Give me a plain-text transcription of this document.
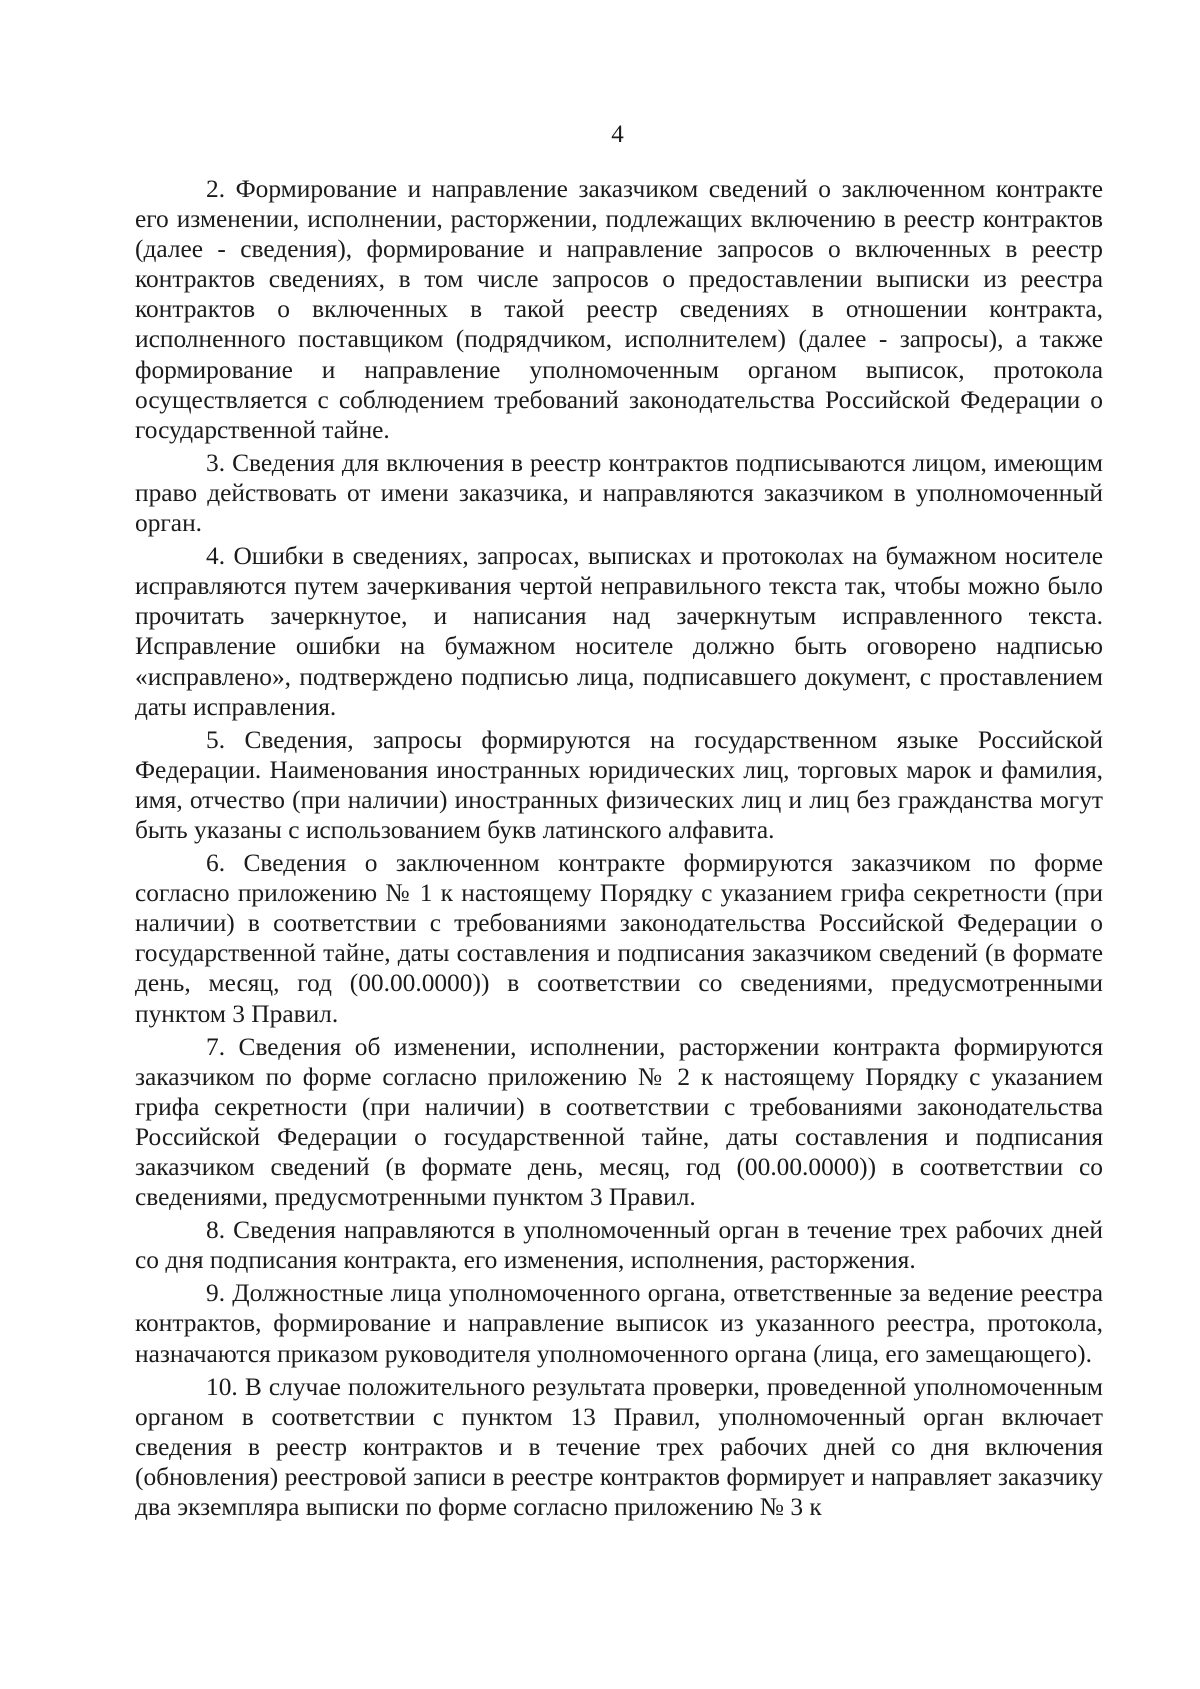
4

2. Формирование и направление заказчиком сведений о заключенном контракте его изменении, исполнении, расторжении, подлежащих включению в реестр контрактов (далее - сведения), формирование и направление запросов о включенных в реестр контрактов сведениях, в том числе запросов о предоставлении выписки из реестра контрактов о включенных в такой реестр сведениях в отношении контракта, исполненного поставщиком (подрядчиком, исполнителем) (далее - запросы), а также формирование и направление уполномоченным органом выписок, протокола осуществляется с соблюдением требований законодательства Российской Федерации о государственной тайне.

3. Сведения для включения в реестр контрактов подписываются лицом, имеющим право действовать от имени заказчика, и направляются заказчиком в уполномоченный орган.

4. Ошибки в сведениях, запросах, выписках и протоколах на бумажном носителе исправляются путем зачеркивания чертой неправильного текста так, чтобы можно было прочитать зачеркнутое, и написания над зачеркнутым исправленного текста. Исправление ошибки на бумажном носителе должно быть оговорено надписью «исправлено», подтверждено подписью лица, подписавшего документ, с проставлением даты исправления.

5. Сведения, запросы формируются на государственном языке Российской Федерации. Наименования иностранных юридических лиц, торговых марок и фамилия, имя, отчество (при наличии) иностранных физических лиц и лиц без гражданства могут быть указаны с использованием букв латинского алфавита.

6. Сведения о заключенном контракте формируются заказчиком по форме согласно приложению № 1 к настоящему Порядку с указанием грифа секретности (при наличии) в соответствии с требованиями законодательства Российской Федерации о государственной тайне, даты составления и подписания заказчиком сведений (в формате день, месяц, год (00.00.0000)) в соответствии со сведениями, предусмотренными пунктом 3 Правил.

7. Сведения об изменении, исполнении, расторжении контракта формируются заказчиком по форме согласно приложению № 2 к настоящему Порядку с указанием грифа секретности (при наличии) в соответствии с требованиями законодательства Российской Федерации о государственной тайне, даты составления и подписания заказчиком сведений (в формате день, месяц, год (00.00.0000)) в соответствии со сведениями, предусмотренными пунктом 3 Правил.

8. Сведения направляются в уполномоченный орган в течение трех рабочих дней со дня подписания контракта, его изменения, исполнения, расторжения.

9. Должностные лица уполномоченного органа, ответственные за ведение реестра контрактов, формирование и направление выписок из указанного реестра, протокола, назначаются приказом руководителя уполномоченного органа (лица, его замещающего).

10. В случае положительного результата проверки, проведенной уполномоченным органом в соответствии с пунктом 13 Правил, уполномоченный орган включает сведения в реестр контрактов и в течение трех рабочих дней со дня включения (обновления) реестровой записи в реестре контрактов формирует и направляет заказчику два экземпляра выписки по форме согласно приложению № 3 к
